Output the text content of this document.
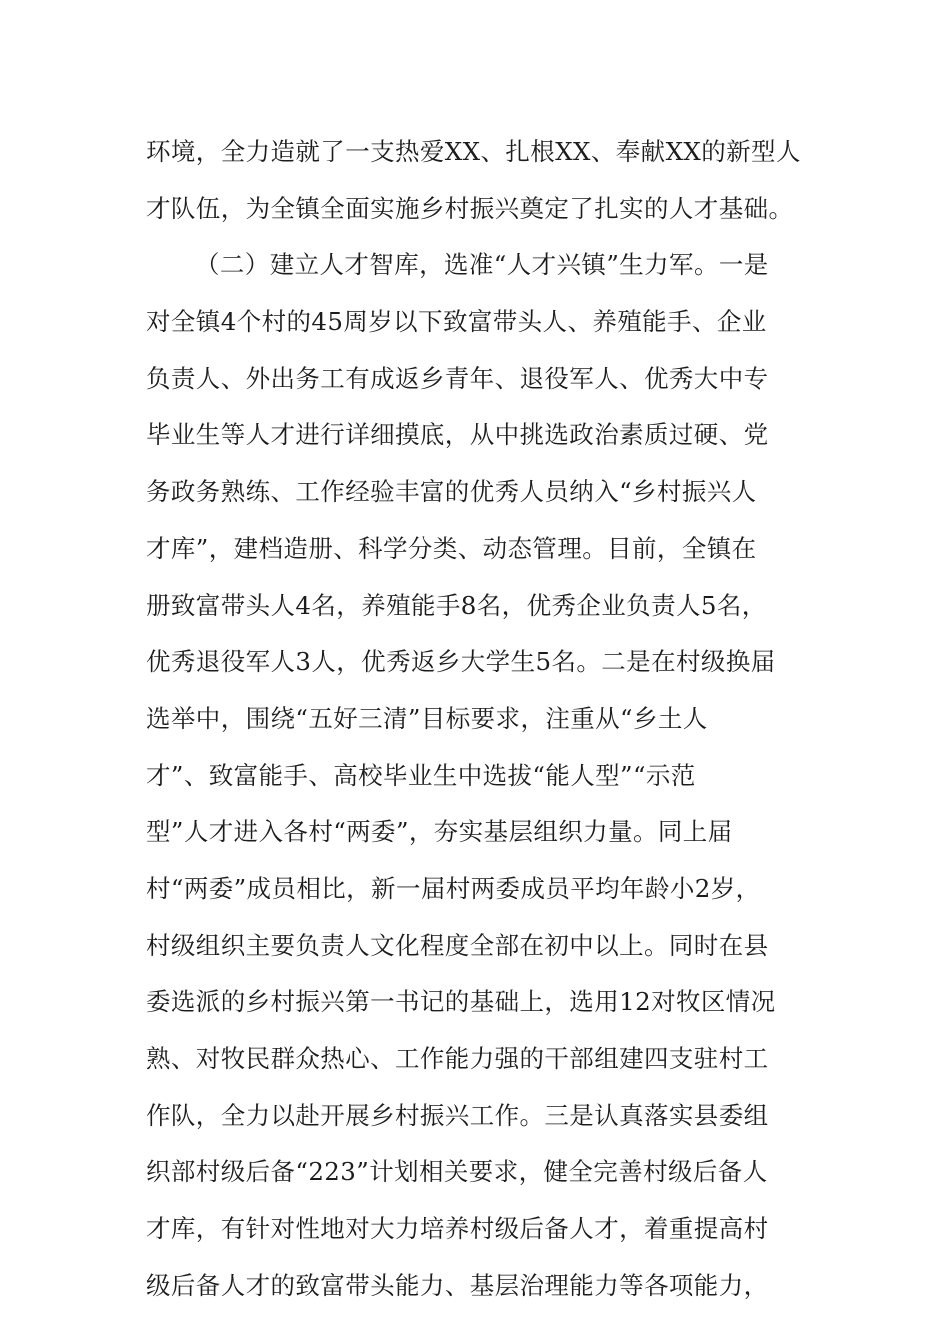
环境，全力造就了一支热爱XX、扎根XX、奉献XX的新型人
才队伍，为全镇全面实施乡村振兴奠定了扎实的人才基础。
（二）建立人才智库，选准“人才兴镇”生力军。一是
对全镇4个村的45周岁以下致富带头人、养殖能手、企业
负责人、外出务工有成返乡青年、退役军人、优秀大中专
毕业生等人才进行详细摸底，从中挑选政治素质过硬、党
务政务熟练、工作经验丰富的优秀人员纳入“乡村振兴人
才库”，建档造册、科学分类、动态管理。目前，全镇在
册致富带头人4名，养殖能手8名，优秀企业负责人5名，
优秀退役军人3人，优秀返乡大学生5名。二是在村级换届
选举中，围绕“五好三清”目标要求，注重从“乡土人
才”、致富能手、高校毕业生中选拔“能人型”“示范
型”人才进入各村“两委”，夯实基层组织力量。同上届
村“两委”成员相比，新一届村两委成员平均年龄小2岁，
村级组织主要负责人文化程度全部在初中以上。同时在县
委选派的乡村振兴第一书记的基础上，选用12对牧区情况
熟、对牧民群众热心、工作能力强的干部组建四支驻村工
作队，全力以赴开展乡村振兴工作。三是认真落实县委组
织部村级后备“223”计划相关要求，健全完善村级后备人
才库，有针对性地对大力培养村级后备人才，着重提高村
级后备人才的致富带头能力、基层治理能力等各项能力，
